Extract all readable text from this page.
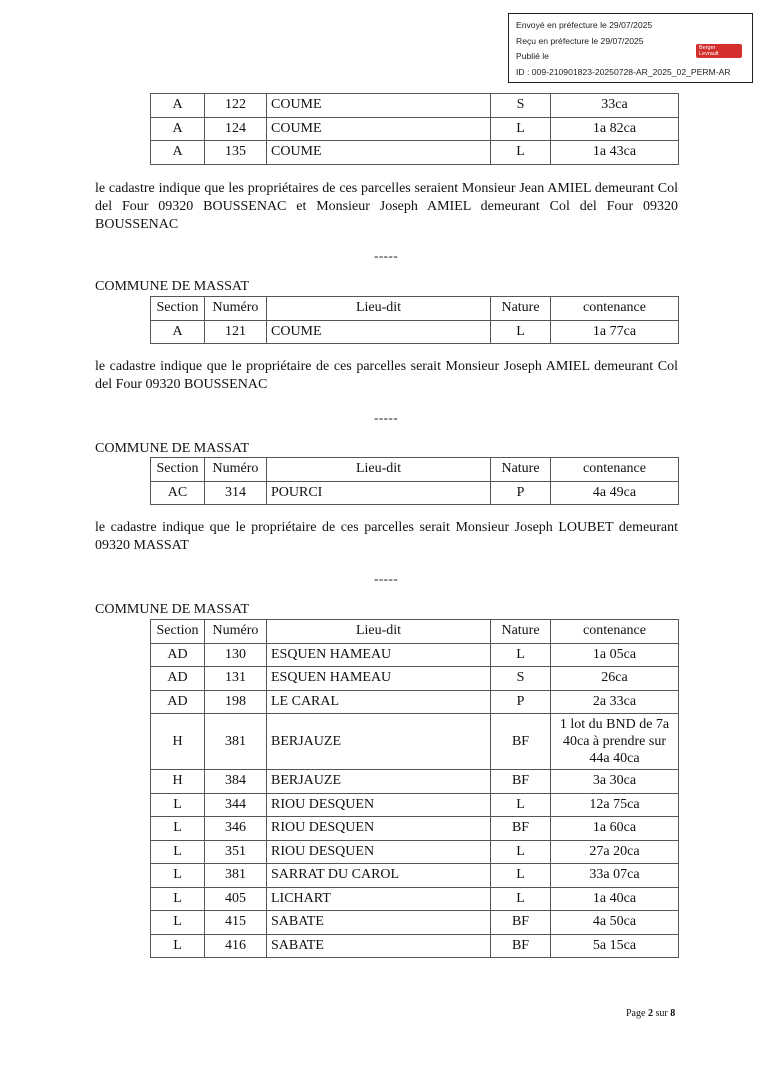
Envoyé en préfecture le 29/07/2025
Reçu en préfecture le 29/07/2025
Publié le
ID : 009-210901823-20250728-AR_2025_02_PERM-AR
Berger
Levrault
A	122	COUME	S	33ca
A	124	COUME	L	1a 82ca
A	135	COUME	L	1a 43ca
le cadastre indique que les propriétaires de ces parcelles seraient Monsieur Jean AMIEL demeurant Col del Four 09320 BOUSSENAC et Monsieur Joseph AMIEL demeurant Col del Four 09320 BOUSSENAC
-----
COMMUNE DE MASSAT
Section	Numéro	Lieu-dit	Nature	contenance
A	121	COUME	L	1a 77ca
le cadastre indique que le propriétaire de ces parcelles serait Monsieur Joseph AMIEL demeurant Col del Four 09320 BOUSSENAC
-----
COMMUNE DE MASSAT
Section	Numéro	Lieu-dit	Nature	contenance
AC	314	POURCI	P	4a 49ca
le cadastre indique que le propriétaire de ces parcelles serait Monsieur Joseph LOUBET demeurant 09320 MASSAT
-----
COMMUNE DE MASSAT
Section	Numéro	Lieu-dit	Nature	contenance
AD	130	ESQUEN HAMEAU	L	1a 05ca
AD	131	ESQUEN HAMEAU	S	26ca
AD	198	LE CARAL	P	2a 33ca
H	381	BERJAUZE	BF	1 lot du BND de 7a 40ca à prendre sur 44a 40ca
H	384	BERJAUZE	BF	3a 30ca
L	344	RIOU DESQUEN	L	12a 75ca
L	346	RIOU DESQUEN	BF	1a 60ca
L	351	RIOU DESQUEN	L	27a 20ca
L	381	SARRAT DU CAROL	L	33a 07ca
L	405	LICHART	L	1a 40ca
L	415	SABATE	BF	4a 50ca
L	416	SABATE	BF	5a 15ca
Page 2 sur 8
